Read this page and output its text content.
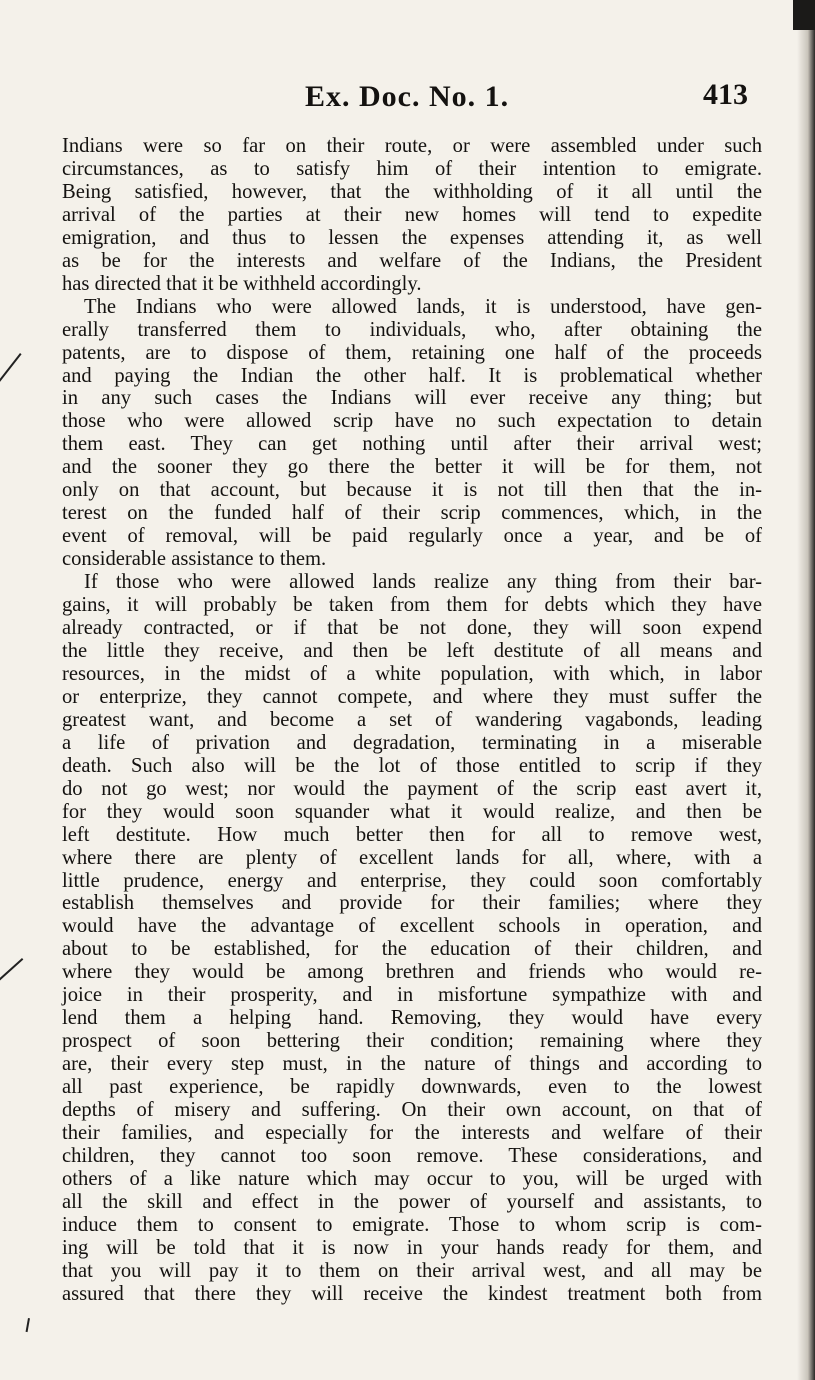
Ex. Doc. No. 1.	413
Indians were so far on their route, or were assembled under such
circumstances, as to satisfy him of their intention to emigrate.
Being satisfied, however, that the withholding of it all until the
arrival of the parties at their new homes will tend to expedite
emigration, and thus to lessen the expenses attending it, as well
as be for the interests and welfare of the Indians, the President
has directed that it be withheld accordingly.
The Indians who were allowed lands, it is understood, have gen-
erally transferred them to individuals, who, after obtaining the
patents, are to dispose of them, retaining one half of the proceeds
and paying the Indian the other half. It is problematical whether
in any such cases the Indians will ever receive any thing; but
those who were allowed scrip have no such expectation to detain
them east. They can get nothing until after their arrival west;
and the sooner they go there the better it will be for them, not
only on that account, but because it is not till then that the in-
terest on the funded half of their scrip commences, which, in the
event of removal, will be paid regularly once a year, and be of
considerable assistance to them.
If those who were allowed lands realize any thing from their bar-
gains, it will probably be taken from them for debts which they have
already contracted, or if that be not done, they will soon expend
the little they receive, and then be left destitute of all means and
resources, in the midst of a white population, with which, in labor
or enterprize, they cannot compete, and where they must suffer the
greatest want, and become a set of wandering vagabonds, leading
a life of privation and degradation, terminating in a miserable
death. Such also will be the lot of those entitled to scrip if they
do not go west; nor would the payment of the scrip east avert it,
for they would soon squander what it would realize, and then be
left destitute. How much better then for all to remove west,
where there are plenty of excellent lands for all, where, with a
little prudence, energy and enterprise, they could soon comfortably
establish themselves and provide for their families; where they
would have the advantage of excellent schools in operation, and
about to be established, for the education of their children, and
where they would be among brethren and friends who would re-
joice in their prosperity, and in misfortune sympathize with and
lend them a helping hand. Removing, they would have every
prospect of soon bettering their condition; remaining where they
are, their every step must, in the nature of things and according to
all past experience, be rapidly downwards, even to the lowest
depths of misery and suffering. On their own account, on that of
their families, and especially for the interests and welfare of their
children, they cannot too soon remove. These considerations, and
others of a like nature which may occur to you, will be urged with
all the skill and effect in the power of yourself and assistants, to
induce them to consent to emigrate. Those to whom scrip is com-
ing will be told that it is now in your hands ready for them, and
that you will pay it to them on their arrival west, and all may be
assured that there they will receive the kindest treatment both from
